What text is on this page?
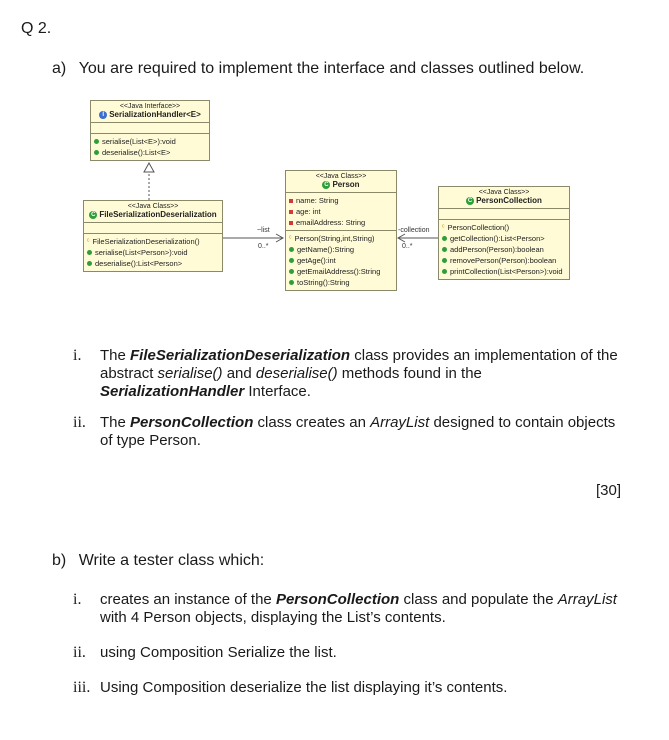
Q 2.
a) You are required to implement the interface and classes outlined below.
<<Java Interface>>
I SerializationHandler<E>
serialise(List<E>):void
deserialise():List<E>
<<Java Class>>
C FileSerializationDeserialization
ᶜ FileSerializationDeserialization()
serialise(List<Person>):void
deserialise():List<Person>
<<Java Class>>
C Person
name: String
age: int
emailAddress: String
ᶜ Person(String,int,String)
getName():String
getAge():int
getEmailAddress():String
toString():String
<<Java Class>>
C PersonCollection
ᶜ PersonCollection()
getCollection():List<Person>
addPerson(Person):boolean
removePerson(Person):boolean
printCollection(List<Person>):void
~list
0..*
-collection
0..*
i.	The FileSerializationDeserialization class provides an implementation of the abstract serialise() and deserialise() methods found in the SerializationHandler Interface.
ii. The PersonCollection class creates an ArrayList designed to contain objects of type Person.
[30]
b) Write a tester class which:
i.	creates an instance of the PersonCollection class and populate the ArrayList with 4 Person objects, displaying the List’s contents.
ii. using Composition Serialize the list.
iii. Using Composition deserialize the list displaying it’s contents.
